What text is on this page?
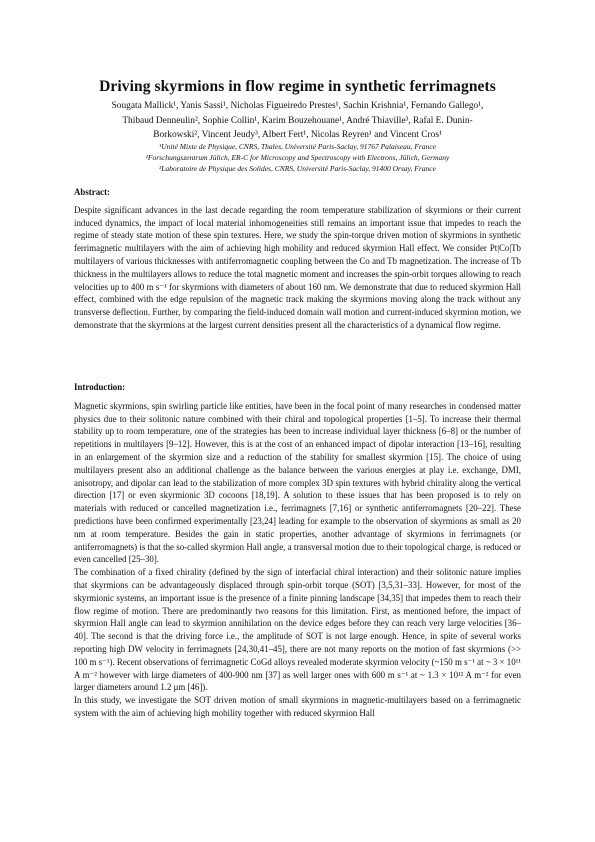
Driving skyrmions in flow regime in synthetic ferrimagnets
Sougata Mallick¹, Yanis Sassi¹, Nicholas Figueiredo Prestes¹, Sachin Krishnia¹, Fernando Gallego¹,
Thibaud Denneulin², Sophie Collin¹, Karim Bouzehouane¹, André Thiaville³, Rafal E. Dunin-
Borkowski², Vincent Jeudy³, Albert Fert¹, Nicolas Reyren¹ and Vincent Cros¹
¹Unité Mixte de Physique, CNRS, Thales, Université Paris-Saclay, 91767 Palaiseau, France
²Forschungszentrum Jülich, ER-C for Microscopy and Spectroscopy with Electrons, Jülich, Germany
³Laboratoire de Physique des Solides, CNRS, Université Paris-Saclay, 91400 Orsay, France
Abstract:

Despite significant advances in the last decade regarding the room temperature stabilization of skyrmions or their current induced dynamics, the impact of local material inhomogeneities still remains an important issue that impedes to reach the regime of steady state motion of these spin textures. Here, we study the spin-torque driven motion of skyrmions in synthetic ferrimagnetic multilayers with the aim of achieving high mobility and reduced skyrmion Hall effect. We consider Pt|Co|Tb multilayers of various thicknesses with antiferromagnetic coupling between the Co and Tb magnetization. The increase of Tb thickness in the multilayers allows to reduce the total magnetic moment and increases the spin-orbit torques allowing to reach velocities up to 400 m s⁻¹ for skyrmions with diameters of about 160 nm. We demonstrate that due to reduced skyrmion Hall effect, combined with the edge repulsion of the magnetic track making the skyrmions moving along the track without any transverse deflection. Further, by comparing the field-induced domain wall motion and current-induced skyrmion motion, we demonstrate that the skyrmions at the largest current densities present all the characteristics of a dynamical flow regime.

Introduction:

Magnetic skyrmions, spin swirling particle like entities, have been in the focal point of many researches in condensed matter physics due to their solitonic nature combined with their chiral and topological properties [1–5]. To increase their thermal stability up to room temperature, one of the strategies has been to increase individual layer thickness [6–8] or the number of repetitions in multilayers [9–12]. However, this is at the cost of an enhanced impact of dipolar interaction [13–16], resulting in an enlargement of the skyrmion size and a reduction of the stability for smallest skyrmion [15]. The choice of using multilayers present also an additional challenge as the balance between the various energies at play i.e. exchange, DMI, anisotropy, and dipolar can lead to the stabilization of more complex 3D spin textures with hybrid chirality along the vertical direction [17] or even skyrmionic 3D cocoons [18,19]. A solution to these issues that has been proposed is to rely on materials with reduced or cancelled magnetization i.e., ferrimagnets [7,16] or synthetic antiferromagnets [20–22]. These predictions have been confirmed experimentally [23,24] leading for example to the observation of skyrmions as small as 20 nm at room temperature. Besides the gain in static properties, another advantage of skyrmions in ferrimagnets (or antiferromagnets) is that the so-called skyrmion Hall angle, a transversal motion due to their topological charge, is reduced or even cancelled [25–30].

The combination of a fixed chirality (defined by the sign of interfacial chiral interaction) and their solitonic nature implies that skyrmions can be advantageously displaced through spin-orbit torque (SOT) [3,5,31–33]. However, for most of the skyrmionic systems, an important issue is the presence of a finite pinning landscape [34,35] that impedes them to reach their flow regime of motion. There are predominantly two reasons for this limitation. First, as mentioned before, the impact of skyrmion Hall angle can lead to skyrmion annihilation on the device edges before they can reach very large velocities [36–40]. The second is that the driving force i.e., the amplitude of SOT is not large enough. Hence, in spite of several works reporting high DW velocity in ferrimagnets [24,30,41–45], there are not many reports on the motion of fast skyrmions (>> 100 m s⁻¹). Recent observations of ferrimagnetic CoGd alloys revealed moderate skyrmion velocity (~150 m s⁻¹ at ~ 3 × 10¹¹ A m⁻² however with large diameters of 400-900 nm [37] as well larger ones with 600 m s⁻¹ at ~ 1.3 × 10¹² A m⁻² for even larger diameters around 1.2 μm [46]).

In this study, we investigate the SOT driven motion of small skyrmions in magnetic-multilayers based on a ferrimagnetic system with the aim of achieving high mobility together with reduced skyrmion Hall
